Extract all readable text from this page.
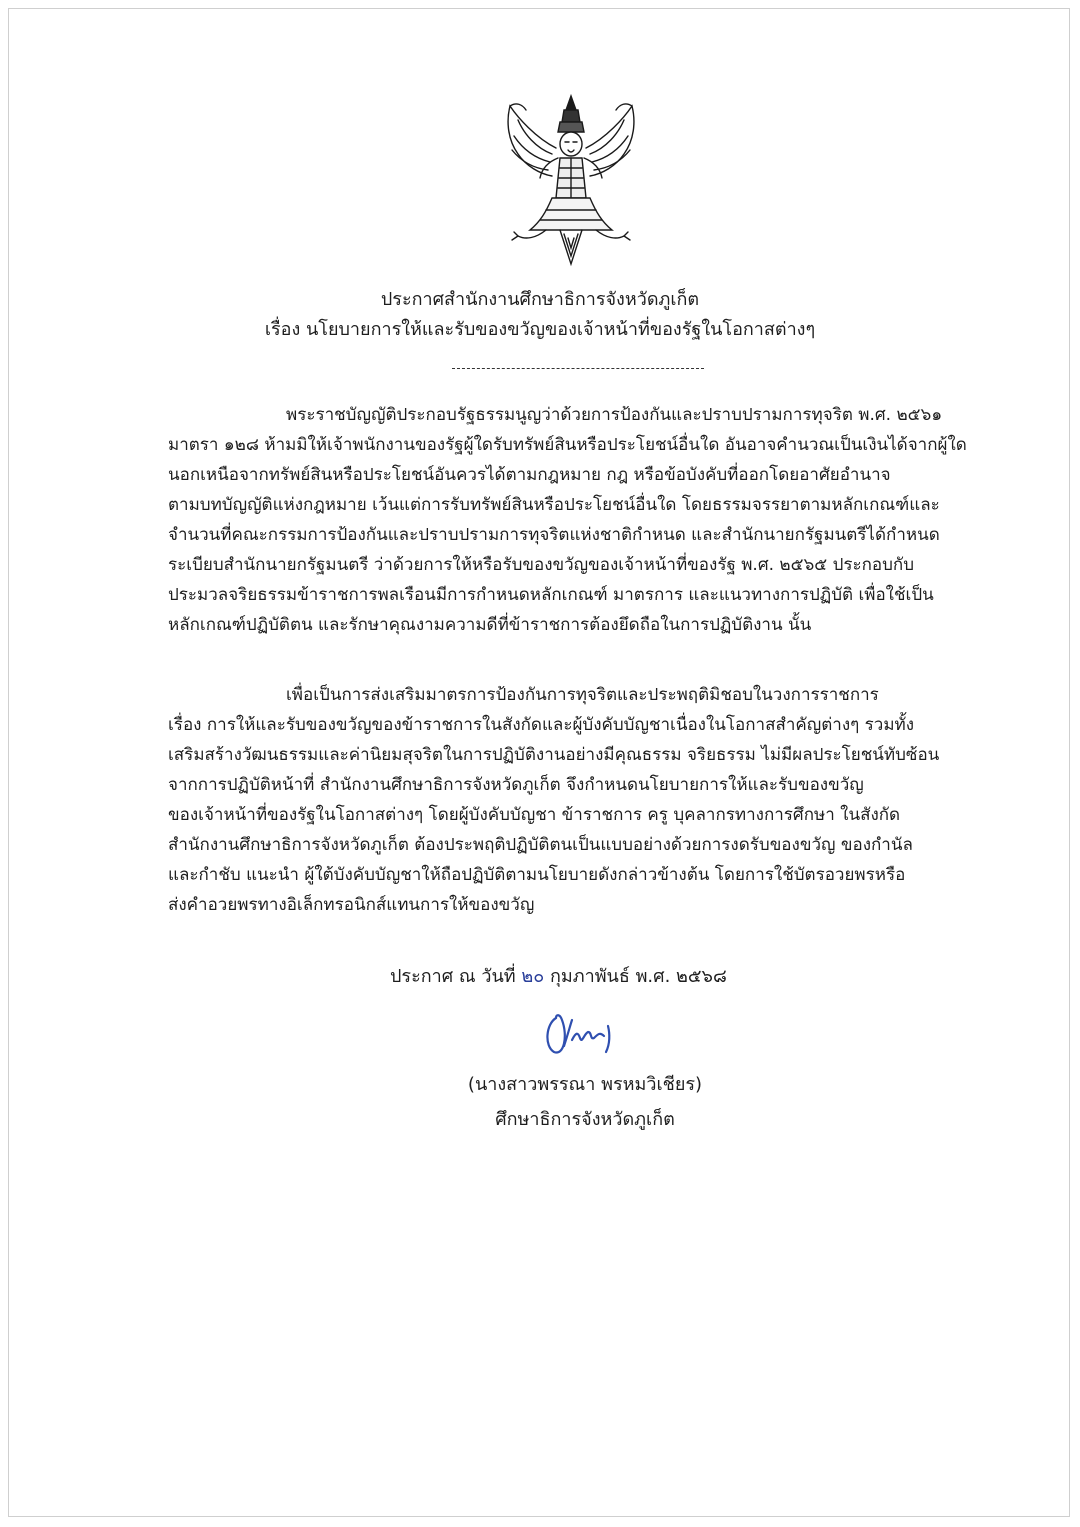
ประกาศสำนักงานศึกษาธิการจังหวัดภูเก็ต
เรื่อง นโยบายการให้และรับของขวัญของเจ้าหน้าที่ของรัฐในโอกาสต่างๆ

พระราชบัญญัติประกอบรัฐธรรมนูญว่าด้วยการป้องกันและปราบปรามการทุจริต พ.ศ. ๒๕๖๑
มาตรา ๑๒๘ ห้ามมิให้เจ้าพนักงานของรัฐผู้ใดรับทรัพย์สินหรือประโยชน์อื่นใด อันอาจคำนวณเป็นเงินได้จากผู้ใด
นอกเหนือจากทรัพย์สินหรือประโยชน์อันควรได้ตามกฎหมาย กฎ หรือข้อบังคับที่ออกโดยอาศัยอำนาจ
ตามบทบัญญัติแห่งกฎหมาย เว้นแต่การรับทรัพย์สินหรือประโยชน์อื่นใด โดยธรรมจรรยาตามหลักเกณฑ์และ
จำนวนที่คณะกรรมการป้องกันและปราบปรามการทุจริตแห่งชาติกำหนด และสำนักนายกรัฐมนตรีได้กำหนด
ระเบียบสำนักนายกรัฐมนตรี ว่าด้วยการให้หรือรับของขวัญของเจ้าหน้าที่ของรัฐ พ.ศ. ๒๕๖๕ ประกอบกับ
ประมวลจริยธรรมข้าราชการพลเรือนมีการกำหนดหลักเกณฑ์ มาตรการ และแนวทางการปฏิบัติ เพื่อใช้เป็น
หลักเกณฑ์ปฏิบัติตน และรักษาคุณงามความดีที่ข้าราชการต้องยึดถือในการปฏิบัติงาน นั้น

เพื่อเป็นการส่งเสริมมาตรการป้องกันการทุจริตและประพฤติมิชอบในวงการราชการ
เรื่อง การให้และรับของขวัญของข้าราชการในสังกัดและผู้บังคับบัญชาเนื่องในโอกาสสำคัญต่างๆ รวมทั้ง
เสริมสร้างวัฒนธรรมและค่านิยมสุจริตในการปฏิบัติงานอย่างมีคุณธรรม จริยธรรม ไม่มีผลประโยชน์ทับซ้อน
จากการปฏิบัติหน้าที่ สำนักงานศึกษาธิการจังหวัดภูเก็ต จึงกำหนดนโยบายการให้และรับของขวัญ
ของเจ้าหน้าที่ของรัฐในโอกาสต่างๆ โดยผู้บังคับบัญชา ข้าราชการ ครู บุคลากรทางการศึกษา ในสังกัด
สำนักงานศึกษาธิการจังหวัดภูเก็ต ต้องประพฤติปฏิบัติตนเป็นแบบอย่างด้วยการงดรับของขวัญ ของกำนัล
และกำชับ แนะนำ ผู้ใต้บังคับบัญชาให้ถือปฏิบัติตามนโยบายดังกล่าวข้างต้น โดยการใช้บัตรอวยพรหรือ
ส่งคำอวยพรทางอิเล็กทรอนิกส์แทนการให้ของขวัญ

ประกาศ ณ วันที่ ๒๐ กุมภาพันธ์ พ.ศ. ๒๕๖๘
(นางสาวพรรณา พรหมวิเชียร)
ศึกษาธิการจังหวัดภูเก็ต
